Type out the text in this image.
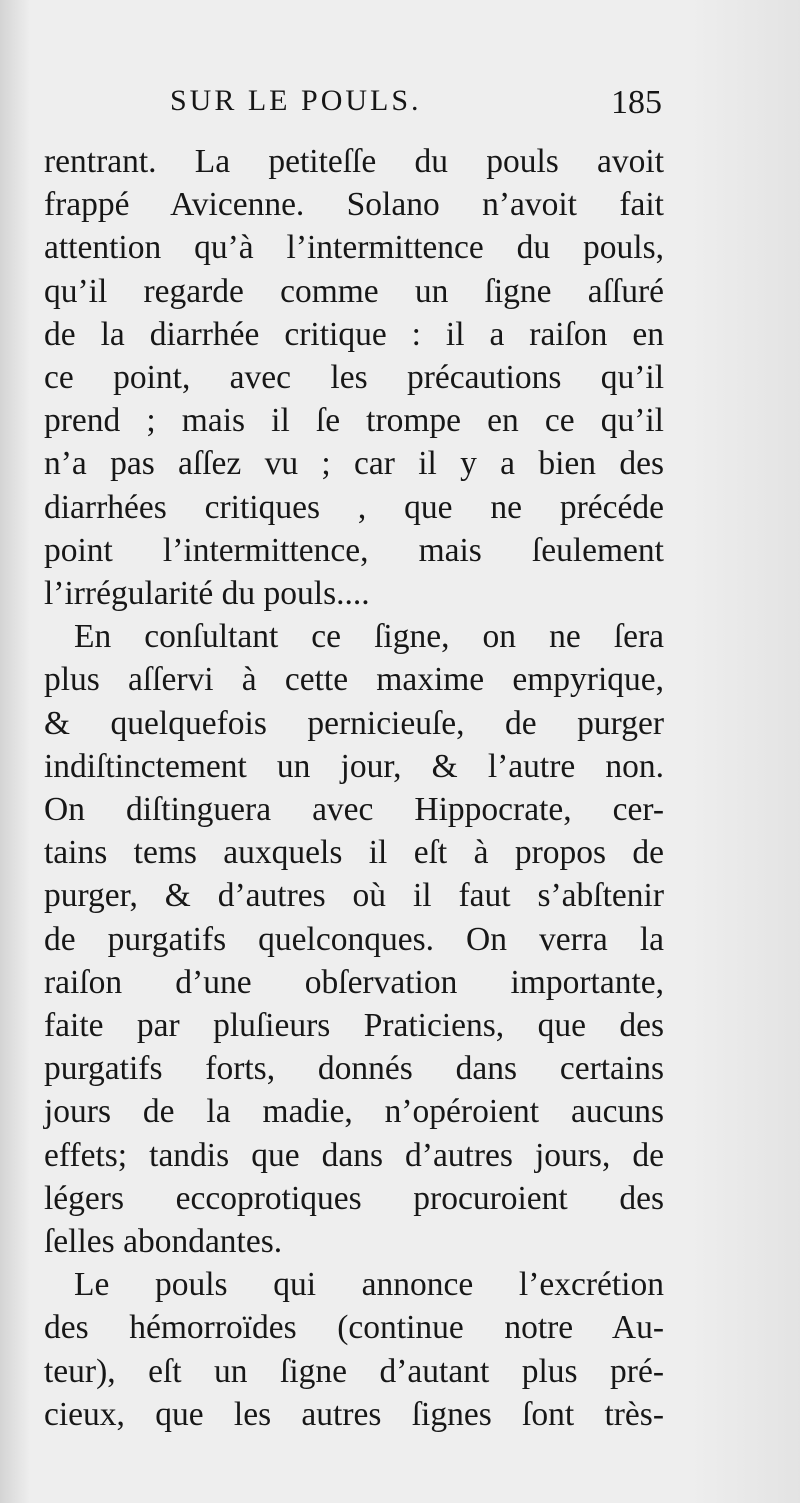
SUR LE POULS.	185

rentrant. La petiteſſe du pouls avoit
frappé Avicenne. Solano n’avoit fait
attention qu’à l’intermittence du pouls,
qu’il regarde comme un ſigne aſſuré
de la diarrhée critique : il a raiſon en
ce point, avec les précautions qu’il
prend ; mais il ſe trompe en ce qu’il
n’a pas aſſez vu ; car il y a bien des
diarrhées critiques , que ne précéde
point l’intermittence, mais ſeulement
l’irrégularité du pouls....

En conſultant ce ſigne, on ne ſera
plus aſſervi à cette maxime empyrique,
& quelquefois pernicieuſe, de purger
indiſtinctement un jour, & l’autre non.
On diſtinguera avec Hippocrate, cer-
tains tems auxquels il eſt à propos de
purger, & d’autres où il faut s’abſtenir
de purgatifs quelconques. On verra la
raiſon d’une obſervation importante,
faite par pluſieurs Praticiens, que des
purgatifs forts, donnés dans certains
jours de la madie, n’opéroient aucuns
effets; tandis que dans d’autres jours, de
légers eccoprotiques procuroient des
ſelles abondantes.

Le pouls qui annonce l’excrétion
des hémorroïdes (continue notre Au-
teur), eſt un ſigne d’autant plus pré-
cieux, que les autres ſignes ſont très-
